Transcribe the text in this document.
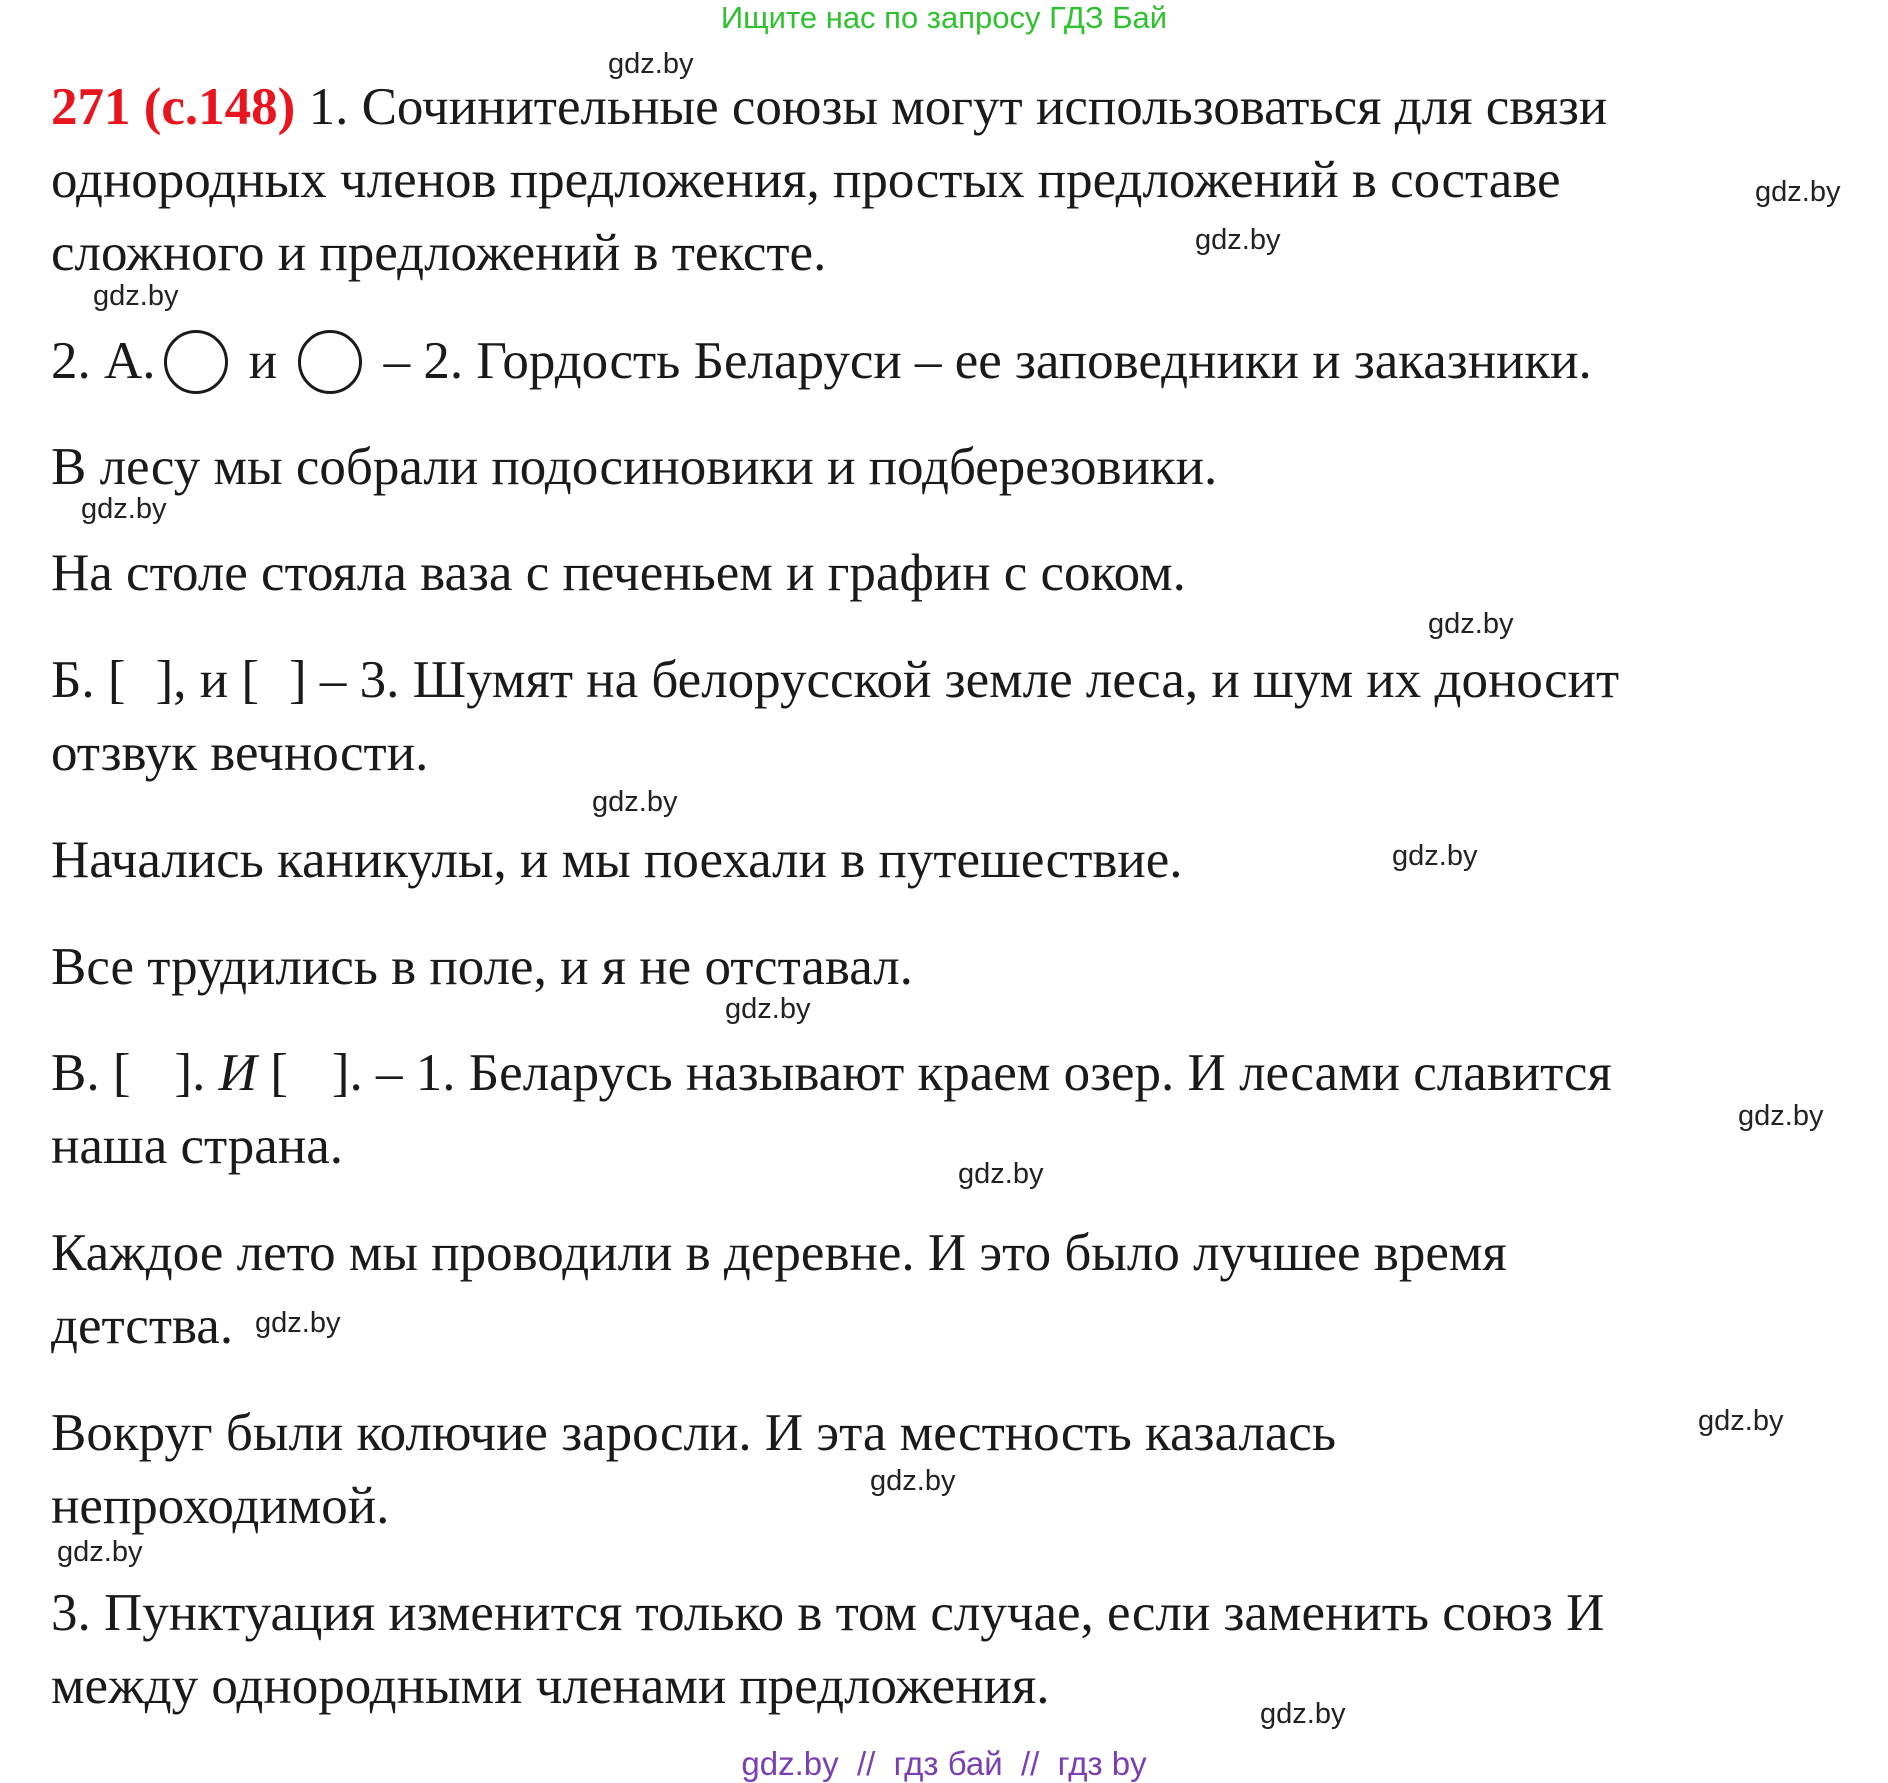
Ищите нас по запросу ГДЗ Бай
271 (с.148) 1. Сочинительные союзы могут использоваться для связи
однородных членов предложения, простых предложений в составе
сложного и предложений в тексте.
2. А. и – 2. Гордость Беларуси – ее заповедники и заказники.
В лесу мы собрали подосиновики и подберезовики.
На столе стояла ваза с печеньем и графин с соком.
Б. [ ], и [ ] – 3. Шумят на белорусской земле леса, и шум их доносит
отзвук вечности.
Начались каникулы, и мы поехали в путешествие.
Все трудились в поле, и я не отставал.
В. [ ]. И [ ]. – 1. Беларусь называют краем озер. И лесами славится
наша страна.
Каждое лето мы проводили в деревне. И это было лучшее время
детства.
Вокруг были колючие заросли. И эта местность казалась
непроходимой.
3. Пунктуация изменится только в том случае, если заменить союз И
между однородными членами предложения.
gdz.by
gdz.by
gdz.by
gdz.by
gdz.by
gdz.by
gdz.by
gdz.by
gdz.by
gdz.by
gdz.by
gdz.by
gdz.by
gdz.by
gdz.by
gdz.by
gdz.by  //  гдз бай  //  гдз by
